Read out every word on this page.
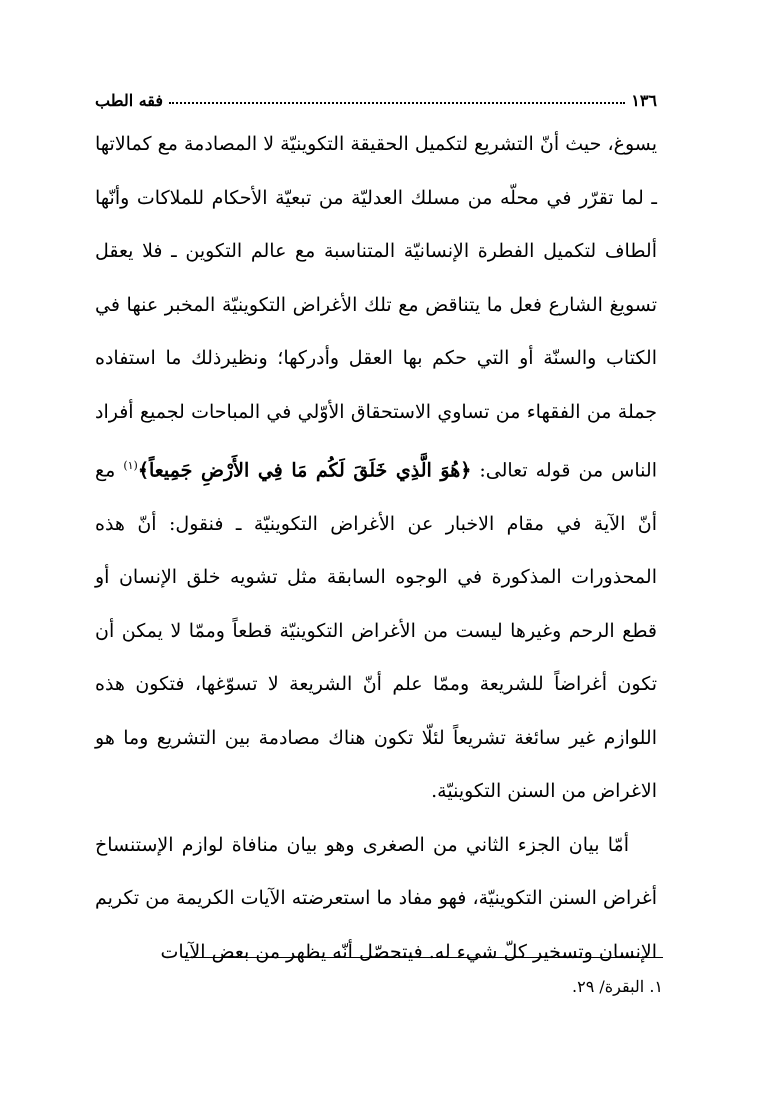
١٣٦
فقه الطب

يسوغ، حيث أنّ التشريع لتكميل الحقيقة التكوينيّة لا المصادمة مع كمالاتها ـ لما تقرّر في محلّه من مسلك العدليّة من تبعيّة الأحكام للملاكات وأنّها ألطاف لتكميل الفطرة الإنسانيّة المتناسبة مع عالم التكوين ـ فلا يعقل تسويغ الشارع فعل ما يتناقض مع تلك الأغراض التكوينيّة المخبر عنها في الكتاب والسنّة أو التي حكم بها العقل وأدركها؛ ونظيرذلك ما استفاده جملة من الفقهاء من تساوي الاستحقاق الأوّلي في المباحات لجميع أفراد الناس من قوله تعالى: ﴿هُوَ الَّذِي خَلَقَ لَكُم مَا فِي الأَرْضِ جَمِيعاً﴾$^{(١)}$ مع أنّ الآية في مقام الاخبار عن الأغراض التكوينيّة ـ فنقول: أنّ هذه المحذورات المذكورة في الوجوه السابقة مثل تشويه خلق الإنسان أو قطع الرحم وغيرها ليست من الأغراض التكوينيّة قطعاً وممّا لا يمكن أن تكون أغراضاً للشريعة وممّا علم أنّ الشريعة لا تسوّغها، فتكون هذه اللوازم غير سائغة تشريعاً لئلّا تكون هناك مصادمة بين التشريع وما هو الاغراض من السنن التكوينيّة.

أمّا بيان الجزء الثاني من الصغرى وهو بيان منافاة لوازم الإستنساخ أغراض السنن التكوينيّة، فهو مفاد ما استعرضته الآيات الكريمة من تكريم الإنسان وتسخير كلّ شيء له. فيتحصّل أنّه يظهر من بعض الآيات

١. البقرة/ ٢٩.
